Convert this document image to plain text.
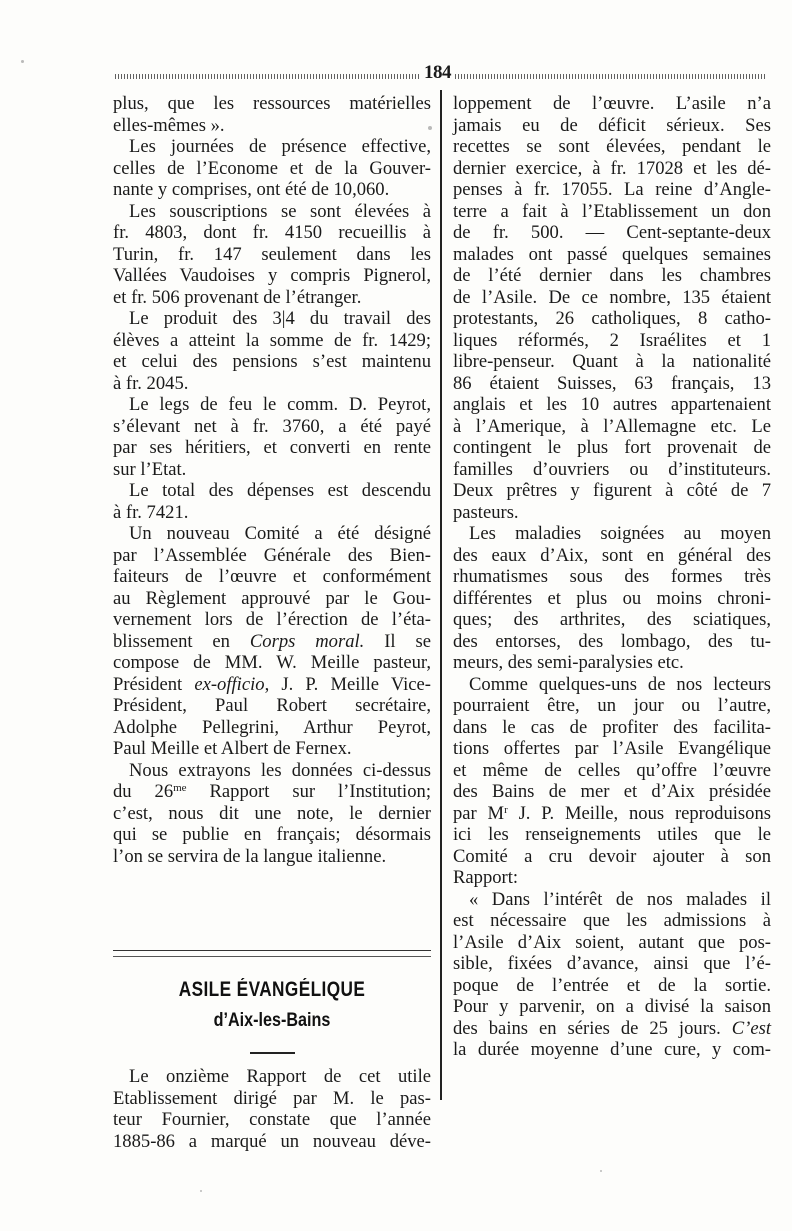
184
plus, que les ressources matérielles
elles-mêmes ».
Les journées de présence effective,
celles de l’Econome et de la Gouver-
nante y comprises, ont été de 10,060.
Les souscriptions se sont élevées à
fr. 4803, dont fr. 4150 recueillis à
Turin, fr. 147 seulement dans les
Vallées Vaudoises y compris Pignerol,
et fr. 506 provenant de l’étranger.
Le produit des 3|4 du travail des
élèves a atteint la somme de fr. 1429;
et celui des pensions s’est maintenu
à fr. 2045.
Le legs de feu le comm. D. Peyrot,
s’élevant net à fr. 3760, a été payé
par ses héritiers, et converti en rente
sur l’Etat.
Le total des dépenses est descendu
à fr. 7421.
Un nouveau Comité a été désigné
par l’Assemblée Générale des Bien-
faiteurs de l’œuvre et conformément
au Règlement approuvé par le Gou-
vernement lors de l’érection de l’éta-
blissement en Corps moral. Il se
compose de MM. W. Meille pasteur,
Président ex-officio, J. P. Meille Vice-
Président, Paul Robert secrétaire,
Adolphe Pellegrini, Arthur Peyrot,
Paul Meille et Albert de Fernex.
Nous extrayons les données ci-dessus
du $26^{me}$ Rapport sur l’Institution;
c’est, nous dit une note, le dernier
qui se publie en français; désormais
l’on se servira de la langue italienne.
ASILE ÉVANGÉLIQUE
d’Aix-les-Bains
Le onzième Rapport de cet utile
Etablissement dirigé par M. le pas-
teur Fournier, constate que l’année
1885-86 a marqué un nouveau déve-
loppement de l’œuvre. L’asile n’a
jamais eu de déficit sérieux. Ses
recettes se sont élevées, pendant le
dernier exercice, à fr. 17028 et les dé-
penses à fr. 17055. La reine d’Angle-
terre a fait à l’Etablissement un don
de fr. 500. — Cent-septante-deux
malades ont passé quelques semaines
de l’été dernier dans les chambres
de l’Asile. De ce nombre, 135 étaient
protestants, 26 catholiques, 8 catho-
liques réformés, 2 Israélites et 1
libre-penseur. Quant à la nationalité
86 étaient Suisses, 63 français, 13
anglais et les 10 autres appartenaient
à l’Amerique, à l’Allemagne etc. Le
contingent le plus fort provenait de
familles d’ouvriers ou d’instituteurs.
Deux prêtres y figurent à côté de 7
pasteurs.
Les maladies soignées au moyen
des eaux d’Aix, sont en général des
rhumatismes sous des formes très
différentes et plus ou moins chroni-
ques; des arthrites, des sciatiques,
des entorses, des lombago, des tu-
meurs, des semi-paralysies etc.
Comme quelques-uns de nos lecteurs
pourraient être, un jour ou l’autre,
dans le cas de profiter des facilita-
tions offertes par l’Asile Evangélique
et même de celles qu’offre l’œuvre
des Bains de mer et d’Aix présidée
par $M^r$ J. P. Meille, nous reproduisons
ici les renseignements utiles que le
Comité a cru devoir ajouter à son
Rapport:
« Dans l’intérêt de nos malades il
est nécessaire que les admissions à
l’Asile d’Aix soient, autant que pos-
sible, fixées d’avance, ainsi que l’é-
poque de l’entrée et de la sortie.
Pour y parvenir, on a divisé la saison
des bains en séries de 25 jours. C’est
la durée moyenne d’une cure, y com-
